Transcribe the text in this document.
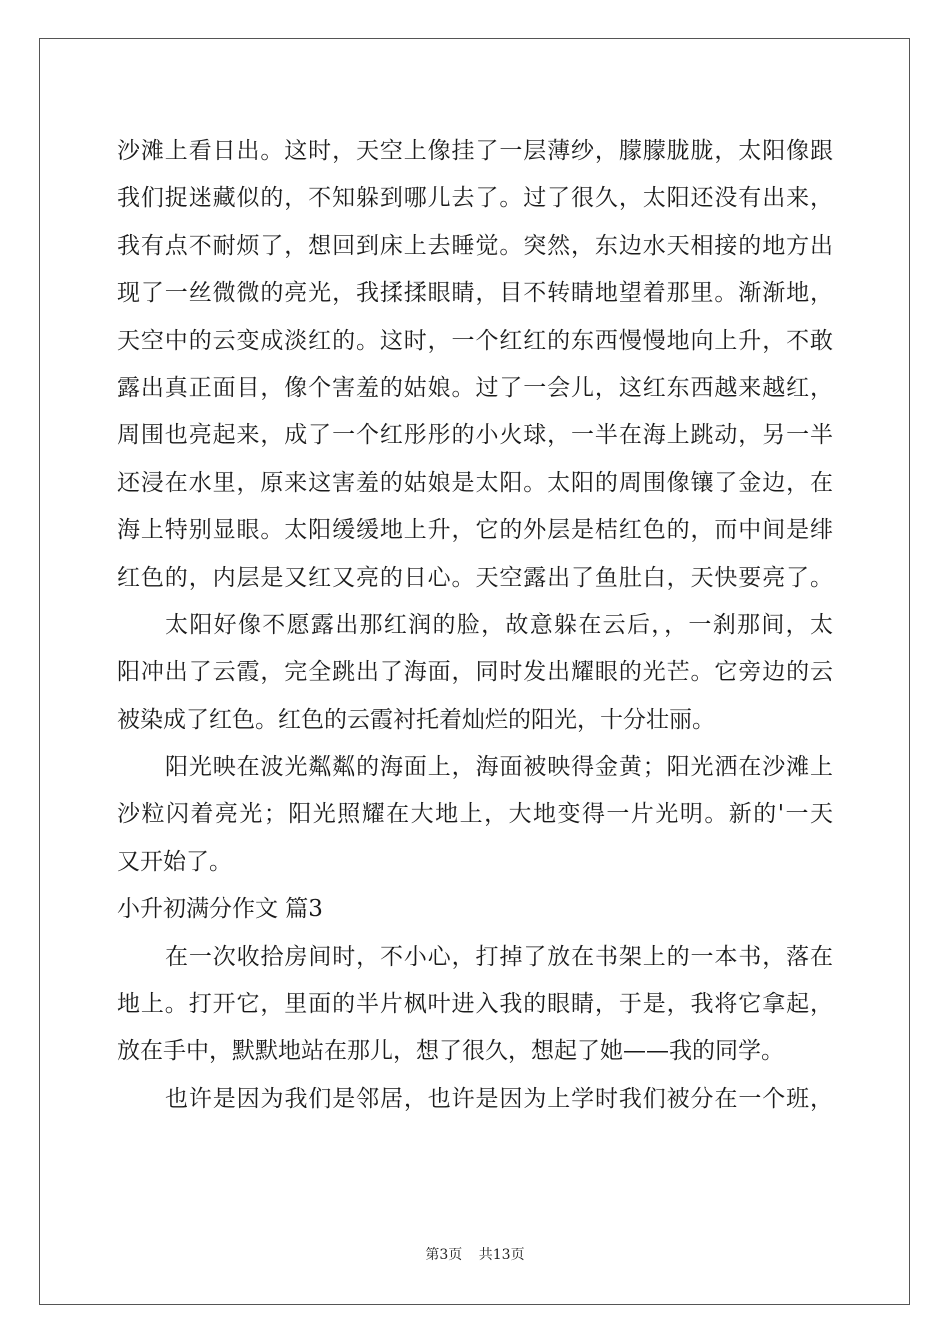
沙滩上看日出。这时，天空上像挂了一层薄纱，朦朦胧胧，太阳像跟
我们捉迷藏似的，不知躲到哪儿去了。过了很久，太阳还没有出来，
我有点不耐烦了，想回到床上去睡觉。突然，东边水天相接的地方出
现了一丝微微的亮光，我揉揉眼睛，目不转睛地望着那里。渐渐地，
天空中的云变成淡红的。这时，一个红红的东西慢慢地向上升，不敢
露出真正面目，像个害羞的姑娘。过了一会儿，这红东西越来越红，
周围也亮起来，成了一个红彤彤的小火球，一半在海上跳动，另一半
还浸在水里，原来这害羞的姑娘是太阳。太阳的周围像镶了金边，在
海上特别显眼。太阳缓缓地上升，它的外层是桔红色的，而中间是绯
红色的，内层是又红又亮的日心。天空露出了鱼肚白，天快要亮了。
太阳好像不愿露出那红润的脸，故意躲在云后，，一刹那间，太
阳冲出了云霞，完全跳出了海面，同时发出耀眼的光芒。它旁边的云
被染成了红色。红色的云霞衬托着灿烂的阳光，十分壮丽。
阳光映在波光粼粼的海面上，海面被映得金黄；阳光洒在沙滩上
沙粒闪着亮光；阳光照耀在大地上，大地变得一片光明。新的'一天
又开始了。
小升初满分作文 篇3
在一次收拾房间时，不小心，打掉了放在书架上的一本书，落在
地上。打开它，里面的半片枫叶进入我的眼睛，于是，我将它拿起，
放在手中，默默地站在那儿，想了很久，想起了她——我的同学。
也许是因为我们是邻居，也许是因为上学时我们被分在一个班，
第3页 共13页
